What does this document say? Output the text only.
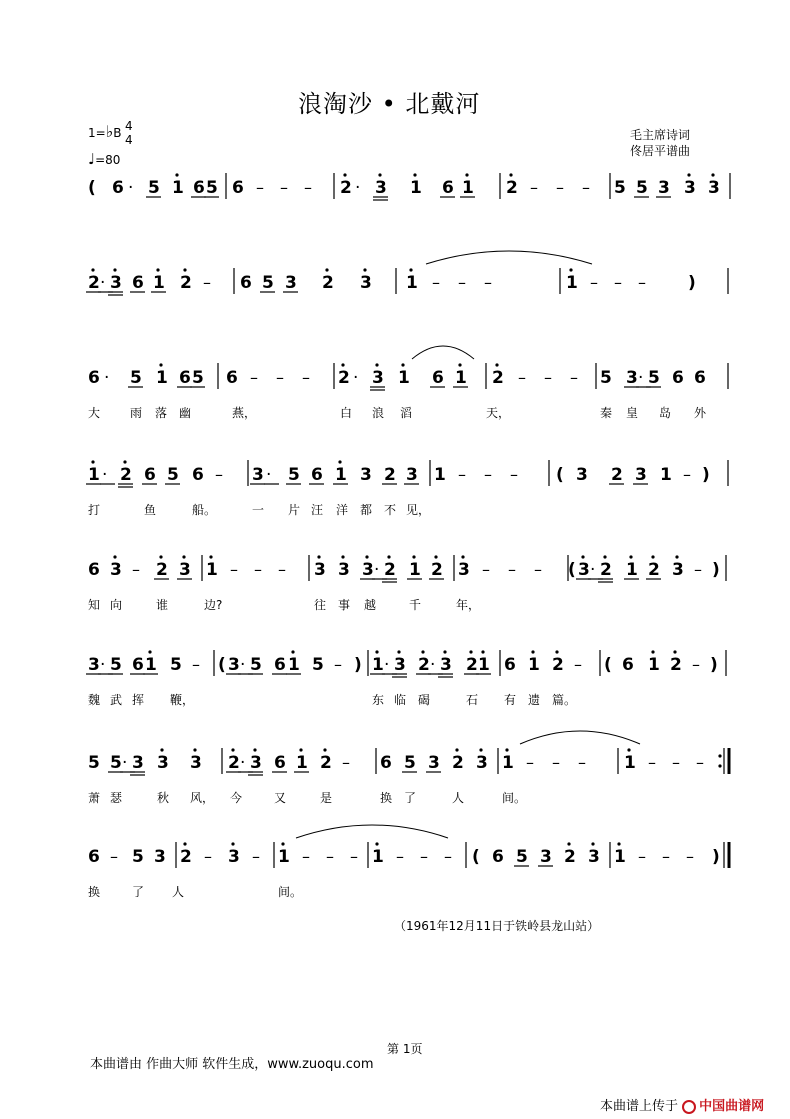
浪淘沙 • 北戴河
1=♭B 4
4
♩=80
毛主席诗词
佟居平谱曲
( 6 · 5 1 6 5 6 – – – 2 · 3 1 6 1 2 – – – 5 5 3 3 3
2 · 3 6 1 2 – 6 5 3 2 3 1 – – –	1 – – – )
6 · 5 1 6 5 6 – – – 2 · 3 1 6 1 2 – – – 5 3 · 5 6 6
大 雨 落 幽	燕，	白 浪 滔	天，	秦 皇 岛 外
1 · 2 6 5 6 – 3 · 5 6 1 3 2 3 1 – – – ( 3 2 3 1 – )
打	鱼	船。	一 片 汪 洋 都 不 见，
6 3 – 2 3 1 – – – 3 3 3 · 2 1 2 3 – – – ( 3 · 2 1 2 3 – )
知 向	谁	边?	往 事 越	千	年，
3 · 5 6 1 5 – ( 3 · 5 6 1 5 – ) 1 · 3 2 · 3 2 1 6 1 2 – ( 6 1 2 – )
魏 武 挥 鞭，	东 临 碣	石 有 遗 篇。
5 5 · 3 3 3 2 · 3 6 1 2 – 6 5 3 2 3 1 – – – 1 – – –
萧 瑟	秋 风， 今	又	是	换 了	人	间。
6 – 5 3 2 – 3 – 1 – – – 1 – – – ( 6 5 3 2 3 1 – – – )
换	了 人	间。
（1961年12月11日于铁岭县龙山站）
第 1页
本曲谱由 作曲大师 软件生成，www.zuoqu.com
本曲谱上传于 中国曲谱网
